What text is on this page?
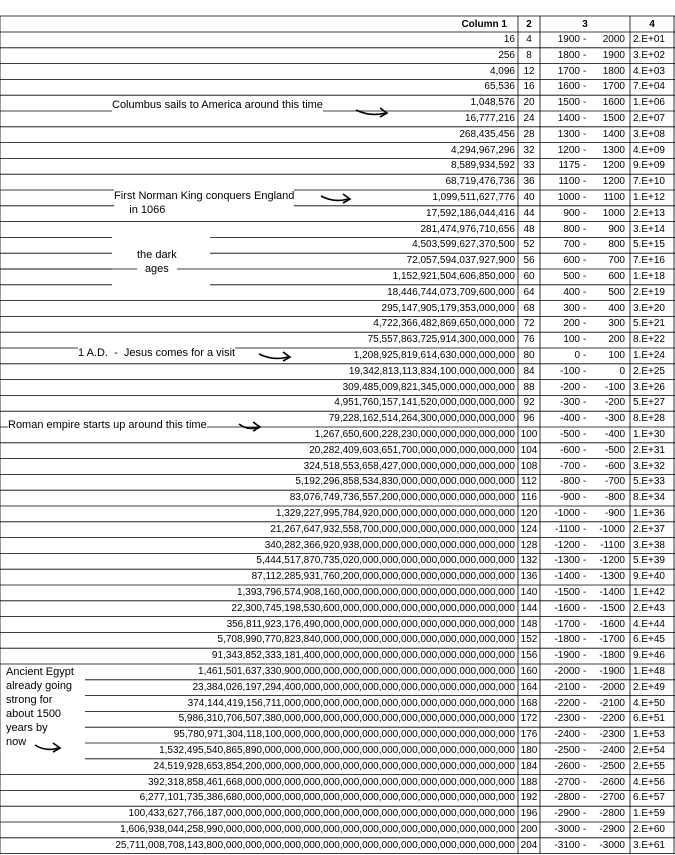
Column 1	2	3	4
16	4	1900 - 2000 2.E+01
256	8	1800 - 1900 3.E+02
4,096 12	1700 - 1800 4.E+03
65,536 16	1600 - 1700 7.E+04
1,048,576 20	1500 - 1600 1.E+06
16,777,216 24	1400 - 1500 2.E+07
268,435,456 28	1300 - 1400 3.E+08
4,294,967,296 32	1200 - 1300 4.E+09
8,589,934,592 33	1175 - 1200 9.E+09
68,719,476,736 36	1100 - 1200 7.E+10
1,099,511,627,776 40	1000 - 1100 1.E+12
17,592,186,044,416 44	900 - 1000 2.E+13
281,474,976,710,656 48	800 - 900 3.E+14
4,503,599,627,370,500 52	700 - 800 5.E+15
72,057,594,037,927,900 56	600 - 700 7.E+16
1,152,921,504,606,850,000 60	500 - 600 1.E+18
18,446,744,073,709,600,000 64	400 - 500 2.E+19
295,147,905,179,353,000,000 68	300 - 400 3.E+20
4,722,366,482,869,650,000,000 72	200 - 300 5.E+21
75,557,863,725,914,300,000,000 76	100 - 200 8.E+22
1,208,925,819,614,630,000,000,000 80	0 - 100 1.E+24
19,342,813,113,834,100,000,000,000 84	-100 -	0 2.E+25
309,485,009,821,345,000,000,000,000 88	-200 - -100 3.E+26
4,951,760,157,141,520,000,000,000,000 92	-300 - -200 5.E+27
79,228,162,514,264,300,000,000,000,000 96	-400 - -300 8.E+28
1,267,650,600,228,230,000,000,000,000,000 100 -500 - -400 1.E+30
20,282,409,603,651,700,000,000,000,000,000 104 -600 - -500 2.E+31
324,518,553,658,427,000,000,000,000,000,000 108 -700 - -600 3.E+32
5,192,296,858,534,830,000,000,000,000,000,000 112 -800 - -700 5.E+33
83,076,749,736,557,200,000,000,000,000,000,000 116 -900 - -800 8.E+34
1,329,227,995,784,920,000,000,000,000,000,000,000 120 -1000 - -900 1.E+36
21,267,647,932,558,700,000,000,000,000,000,000,000 124 -1100 - -1000 2.E+37
340,282,366,920,938,000,000,000,000,000,000,000,000 128 -1200 - -1100 3.E+38
5,444,517,870,735,020,000,000,000,000,000,000,000,000 132 -1300 - -1200 5.E+39
87,112,285,931,760,200,000,000,000,000,000,000,000,000 136 -1400 - -1300 9.E+40
1,393,796,574,908,160,000,000,000,000,000,000,000,000,000 140 -1500 - -1400 1.E+42
22,300,745,198,530,600,000,000,000,000,000,000,000,000,000 144 -1600 - -1500 2.E+43
356,811,923,176,490,000,000,000,000,000,000,000,000,000,000 148 -1700 - -1600 4.E+44
5,708,990,770,823,840,000,000,000,000,000,000,000,000,000,000 152 -1800 - -1700 6.E+45
91,343,852,333,181,400,000,000,000,000,000,000,000,000,000,000 156 -1900 - -1800 9.E+46
1,461,501,637,330,900,000,000,000,000,000,000,000,000,000,000,000 160 -2000 - -1900 1.E+48
23,384,026,197,294,400,000,000,000,000,000,000,000,000,000,000,000 164 -2100 - -2000 2.E+49
374,144,419,156,711,000,000,000,000,000,000,000,000,000,000,000,000 168 -2200 - -2100 4.E+50
5,986,310,706,507,380,000,000,000,000,000,000,000,000,000,000,000,000 172 -2300 - -2200 6.E+51
95,780,971,304,118,100,000,000,000,000,000,000,000,000,000,000,000,000 176 -2400 - -2300 1.E+53
1,532,495,540,865,890,000,000,000,000,000,000,000,000,000,000,000,000,000 180 -2500 - -2400 2.E+54
24,519,928,653,854,200,000,000,000,000,000,000,000,000,000,000,000,000,000 184 -2600 - -2500 2.E+55
392,318,858,461,668,000,000,000,000,000,000,000,000,000,000,000,000,000,000 188 -2700 - -2600 4.E+56
6,277,101,735,386,680,000,000,000,000,000,000,000,000,000,000,000,000,000,000 192 -2800 - -2700 6.E+57
100,433,627,766,187,000,000,000,000,000,000,000,000,000,000,000,000,000,000,000 196 -2900 - -2800 1.E+59
1,606,938,044,258,990,000,000,000,000,000,000,000,000,000,000,000,000,000,000,000 200 -3000 - -2900 2.E+60
25,711,008,708,143,800,000,000,000,000,000,000,000,000,000,000,000,000,000,000,000 204 -3100 - -3000 3.E+61
Columbus sails to America around this time
First Norman King conquers England
in 1066
the dark
ages
1 A.D.  -  Jesus comes for a visit
Roman empire starts up around this time
Ancient Egypt
already going
strong for
about 1500
years by
now
